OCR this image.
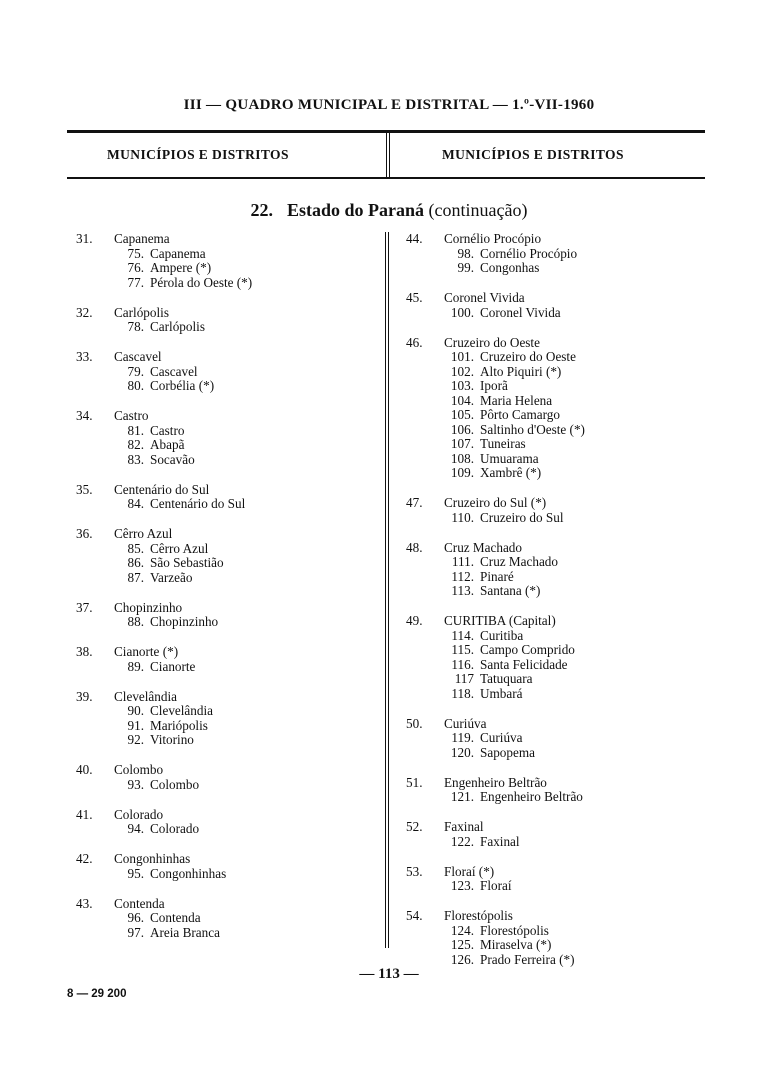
III — QUADRO MUNICIPAL E DISTRITAL — 1.º-VII-1960
MUNICÍPIOS E DISTRITOS	MUNICÍPIOS E DISTRITOS
22. Estado do Paraná (continuação)
31. Capanema
75. Capanema
76. Ampere (*)
77. Pérola do Oeste (*)
32. Carlópolis
78. Carlópolis
33. Cascavel
79. Cascavel
80. Corbélia (*)
34. Castro
81. Castro
82. Abapã
83. Socavão
35. Centenário do Sul
84. Centenário do Sul
36. Cêrro Azul
85. Cêrro Azul
86. São Sebastião
87. Varzeão
37. Chopinzinho
88. Chopinzinho
38. Cianorte (*)
89. Cianorte
39. Clevelândia
90. Clevelândia
91. Mariópolis
92. Vitorino
40. Colombo
93. Colombo
41. Colorado
94. Colorado
42. Congonhinhas
95. Congonhinhas
43. Contenda
96. Contenda
97. Areia Branca
44. Cornélio Procópio
98. Cornélio Procópio
99. Congonhas
45. Coronel Vivida
100. Coronel Vivida
46. Cruzeiro do Oeste
101. Cruzeiro do Oeste
102. Alto Piquiri (*)
103. Iporã
104. Maria Helena
105. Pôrto Camargo
106. Saltinho d'Oeste (*)
107. Tuneiras
108. Umuarama
109. Xambrê (*)
47. Cruzeiro do Sul (*)
110. Cruzeiro do Sul
48. Cruz Machado
111. Cruz Machado
112. Pinaré
113. Santana (*)
49. CURITIBA (Capital)
114. Curitiba
115. Campo Comprido
116. Santa Felicidade
117 Tatuquara
118. Umbará
50. Curiúva
119. Curiúva
120. Sapopema
51. Engenheiro Beltrão
121. Engenheiro Beltrão
52. Faxinal
122. Faxinal
53. Floraí (*)
123. Floraí
54. Florestópolis
124. Florestópolis
125. Miraselva (*)
126. Prado Ferreira (*)
— 113 —
8 — 29 200
